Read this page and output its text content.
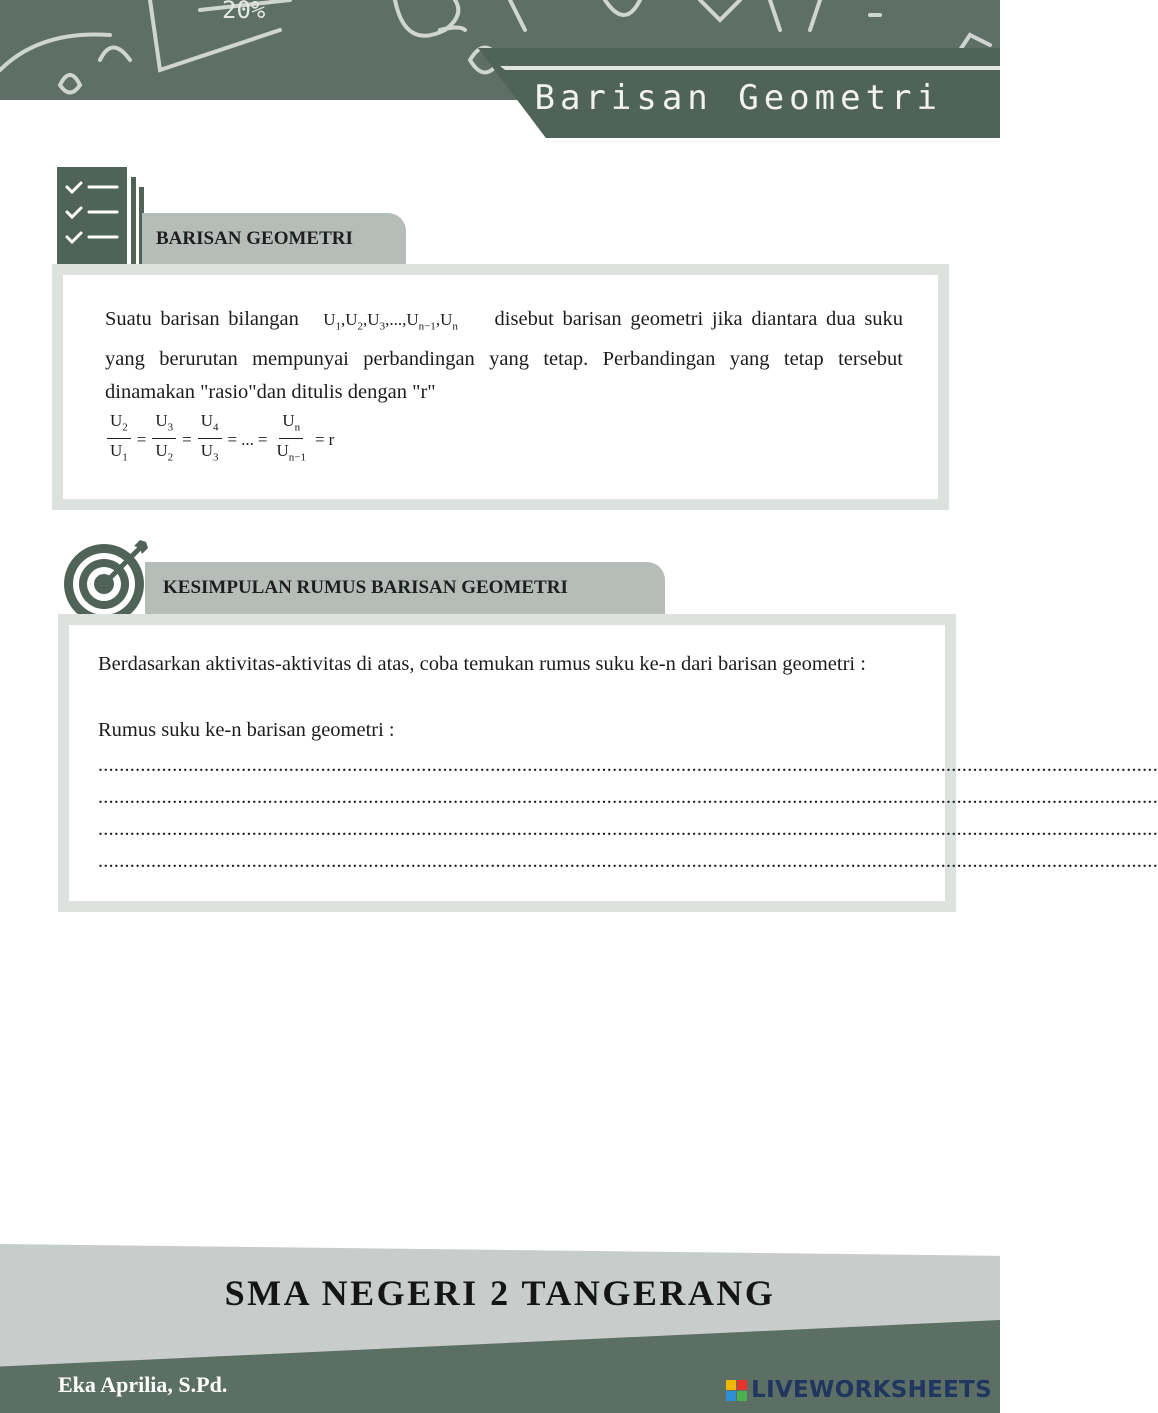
20%
Barisan Geometri
BARISAN GEOMETRI
Suatu barisan bilangan $U_1,U_2,U_3,...,U_{n-1},U_n$ disebut barisan geometri jika diantara dua suku yang berurutan mempunyai perbandingan yang tetap. Perbandingan yang tetap tersebut dinamakan "rasio"dan ditulis dengan "r"
$\frac{U_2}{U_1} = \frac{U_3}{U_2} = \frac{U_4}{U_3}$ = ... = $\frac{U_n}{U_{n-1}} = r$
KESIMPULAN RUMUS BARISAN GEOMETRI
Berdasarkan aktivitas-aktivitas di atas, coba temukan rumus suku ke-n dari barisan geometri :
Rumus suku ke-n barisan geometri :
........................................................................................................................................................................................................
........................................................................................................................................................................................................
........................................................................................................................................................................................................
........................................................................................................................................................................................................
SMA NEGERI 2 TANGERANG
Eka Aprilia, S.Pd.	LIVEWORKSHEETS
